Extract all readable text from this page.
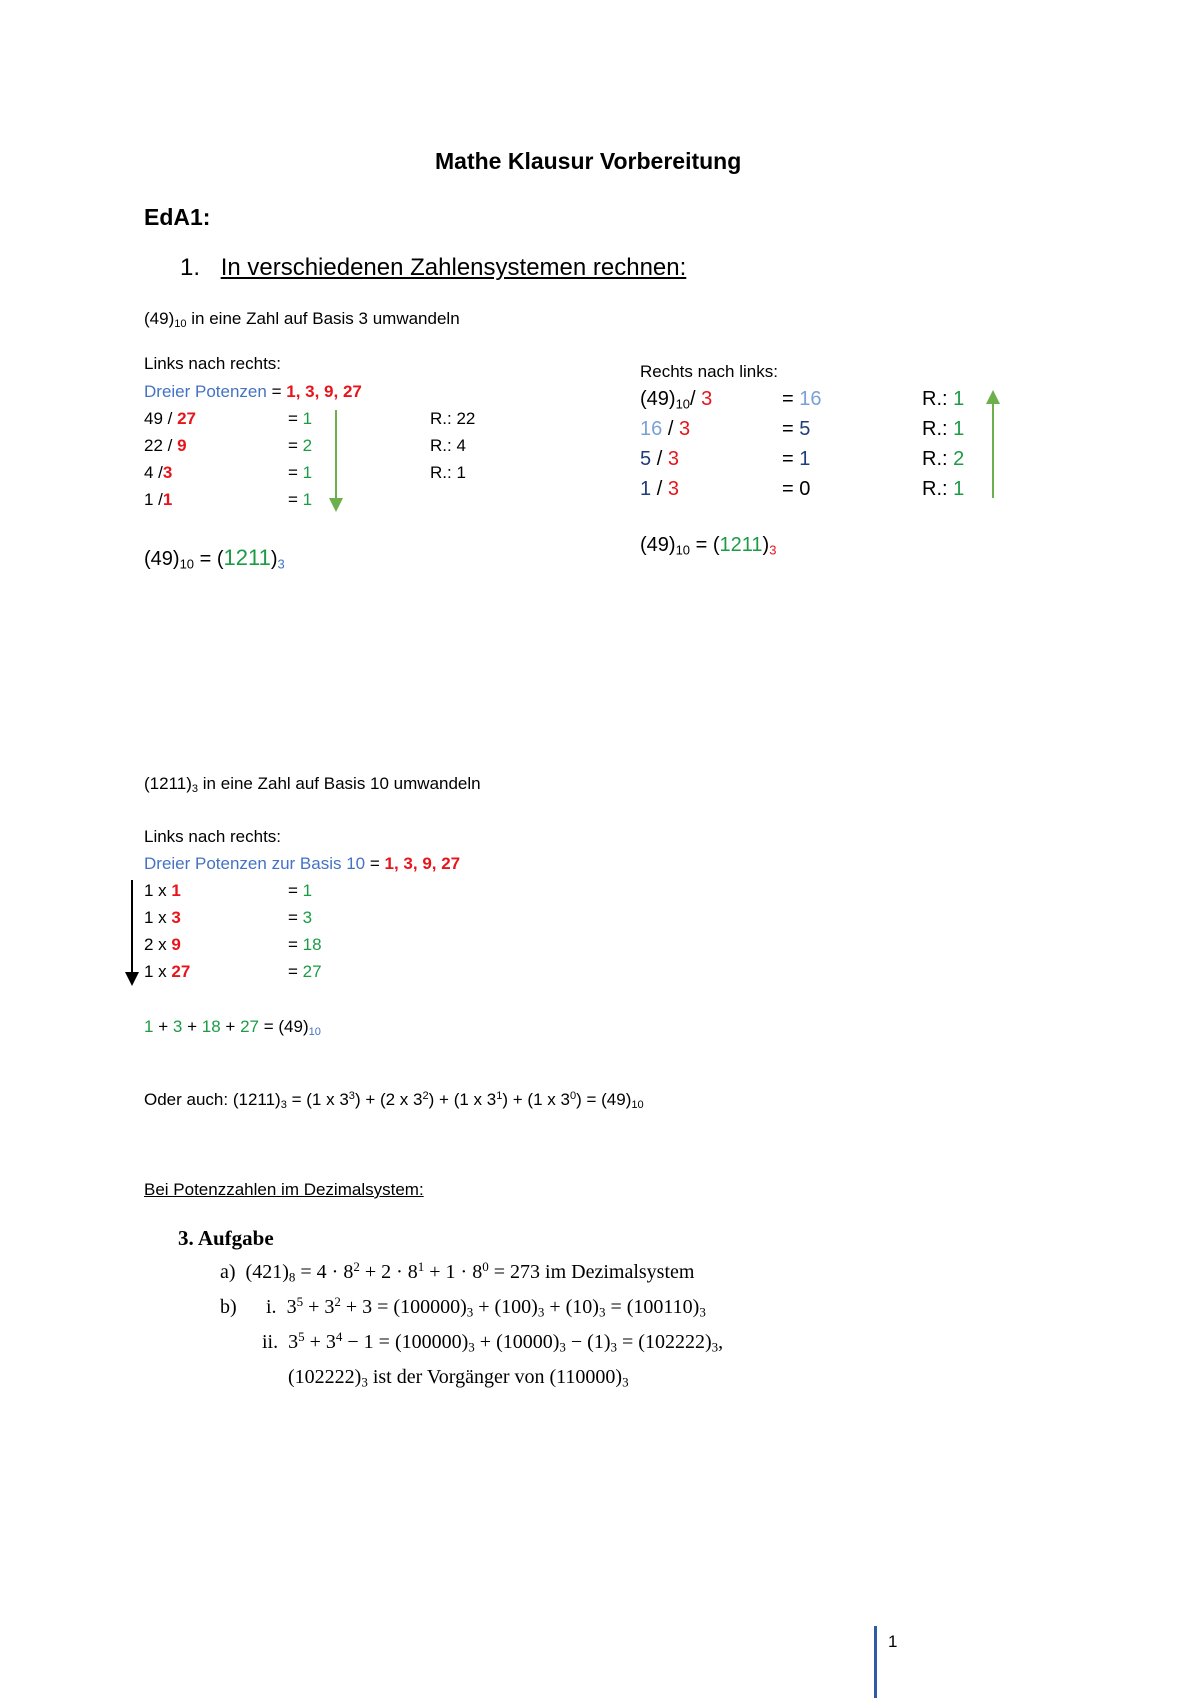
Mathe Klausur Vorbereitung
EdA1:
1. In verschiedenen Zahlensystemen rechnen:
$(49)_{10}$ in eine Zahl auf Basis 3 umwandeln
Links nach rechts:
Dreier Potenzen = 1, 3, 9, 27
49 / 27	= 1	R.: 22
22 / 9	= 2	R.: 4
4 /3	= 1	R.: 1
1 /1	= 1
$(49)_{10} = (1211)_3$
Rechts nach links:
$(49)_{10}/$ 3	= 16	R.: 1
16 / 3	= 5	R.: 1
5 / 3	= 1	R.: 2
1 / 3	= 0	R.: 1
$(49)_{10} = (1211)_3$
$(1211)_3$ in eine Zahl auf Basis 10 umwandeln
Links nach rechts:
Dreier Potenzen zur Basis 10 = 1, 3, 9, 27
1 x 1	= 1
1 x 3	= 3
2 x 9	= 18
1 x 27	= 27
$1 + 3 + 18 + 27 = (49)_{10}$
Oder auch: $(1211)_3 = (1$ x $3^3) + (2$ x $3^2) + (1$ x $3^1) + (1$ x $3^0) = (49)_{10}$
Bei Potenzzahlen im Dezimalsystem:
3. Aufgabe
a) $(421)_8 = 4 \cdot 8^2 + 2 \cdot 8^1 + 1 \cdot 8^0 = 273$ im Dezimalsystem
b) i. $3^5 + 3^2 + 3 = (100000)_3 + (100)_3 + (10)_3 = (100110)_3$
ii. $3^5 + 3^4 - 1 = (100000)_3 + (10000)_3 - (1)_3 = (102222)_3$,
$(102222)_3$ ist der Vorgänger von $(110000)_3$
1
